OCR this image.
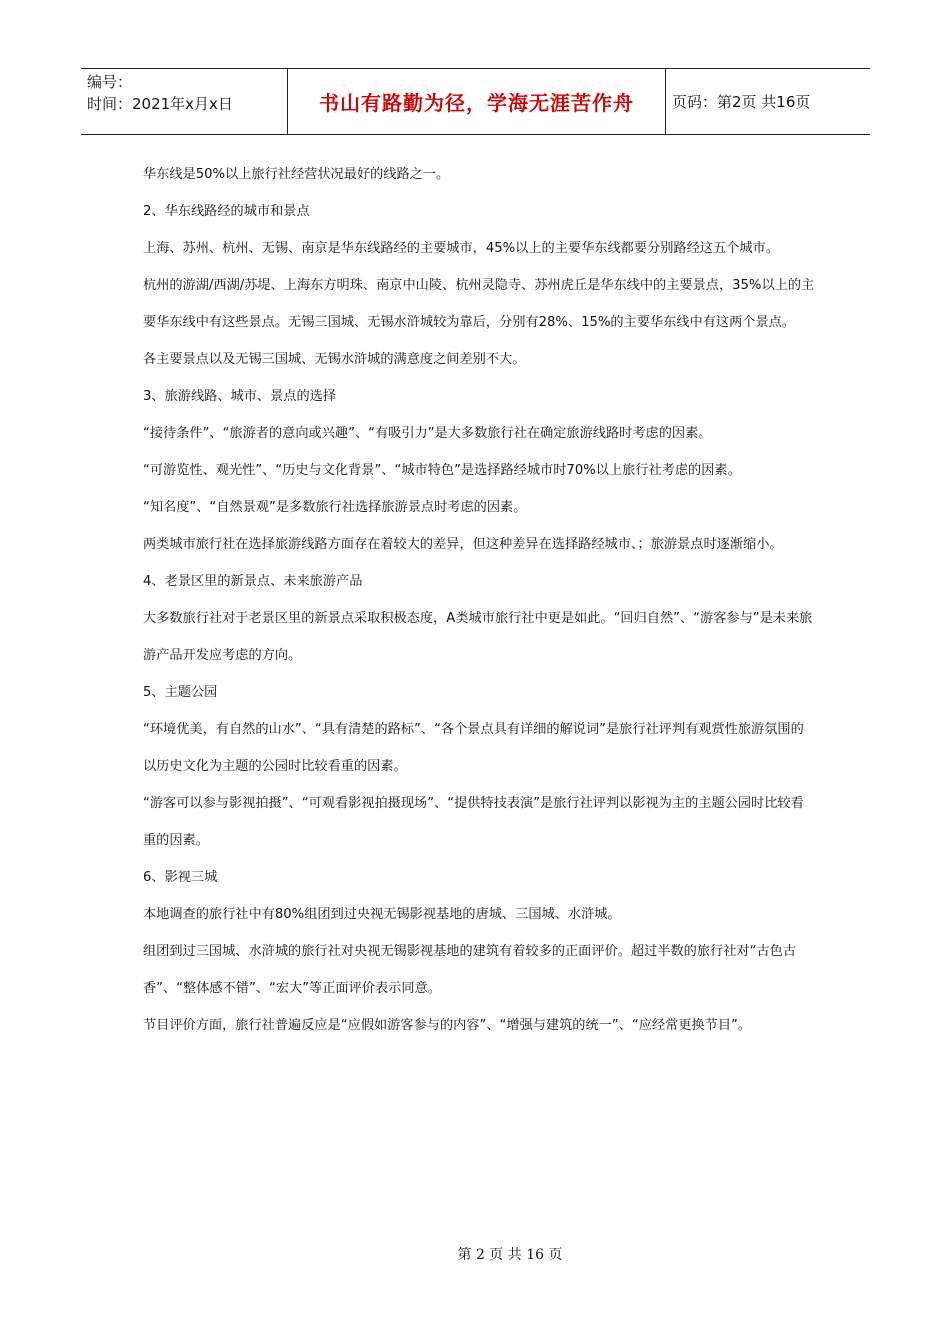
编号：
时间：2021年x月x日	书山有路勤为径，学海无涯苦作舟	页码：第2页 共16页

华东线是50%以上旅行社经营状况最好的线路之一。

2、华东线路经的城市和景点

上海、苏州、杭州、无锡、南京是华东线路经的主要城市，45%以上的主要华东线都要分别路经这五个城市。

杭州的游湖/西湖/苏堤、上海东方明珠、南京中山陵、杭州灵隐寺、苏州虎丘是华东线中的主要景点，35%以上的主要华东线中有这些景点。无锡三国城、无锡水浒城较为靠后，分别有28%、15%的主要华东线中有这两个景点。

各主要景点以及无锡三国城、无锡水浒城的满意度之间差别不大。

3、旅游线路、城市、景点的选择

“接待条件”、“旅游者的意向或兴趣”、“有吸引力”是大多数旅行社在确定旅游线路时考虑的因素。

“可游览性、观光性”、“历史与文化背景”、“城市特色”是选择路经城市时70%以上旅行社考虑的因素。

“知名度”、“自然景观”是多数旅行社选择旅游景点时考虑的因素。

两类城市旅行社在选择旅游线路方面存在着较大的差异，但这种差异在选择路经城市、；旅游景点时逐渐缩小。

4、老景区里的新景点、未来旅游产品

大多数旅行社对于老景区里的新景点采取积极态度，A类城市旅行社中更是如此。“回归自然”、“游客参与”是未来旅游产品开发应考虑的方向。

5、主题公园

“环境优美，有自然的山水”、“具有清楚的路标”、“各个景点具有详细的解说词”是旅行社评判有观赏性旅游氛围的以历史文化为主题的公园时比较看重的因素。

“游客可以参与影视拍摄”、“可观看影视拍摄现场”、“提供特技表演”是旅行社评判以影视为主的主题公园时比较看重的因素。

6、影视三城

本地调查的旅行社中有80%组团到过央视无锡影视基地的唐城、三国城、水浒城。

组团到过三国城、水浒城的旅行社对央视无锡影视基地的建筑有着较多的正面评价。超过半数的旅行社对“古色古香”、“整体感不错”、“宏大”等正面评价表示同意。

节目评价方面，旅行社普遍反应是“应假如游客参与的内容”、“增强与建筑的统一”、“应经常更换节目”。

第 2 页 共 16 页
